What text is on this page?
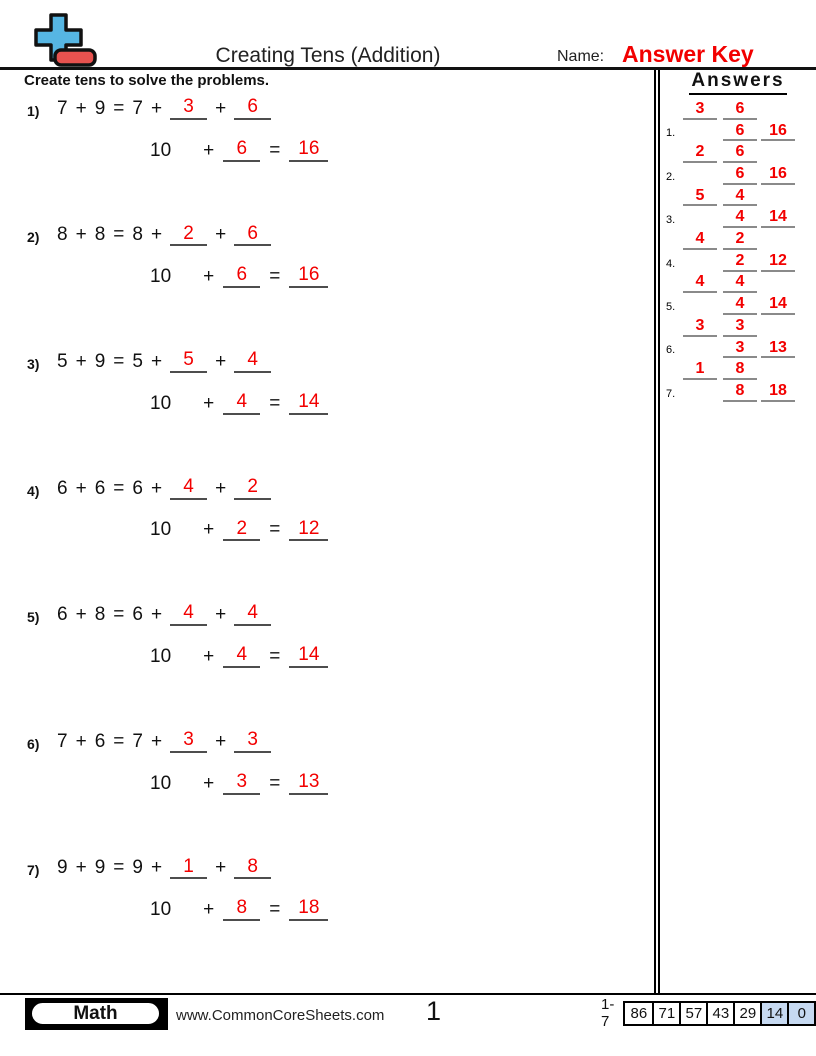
Creating Tens (Addition)	Name: Answer Key
Create tens to solve the problems.
1) 7 + 9 = 7 +	3	+	6
10 +	6	= 16
2) 8 + 8 = 8 +	2	+	6
10 +	6	= 16
3) 5 + 9 = 5 +	5	+	4
10 +	4	= 14
4) 6 + 6 = 6 +	4	+	2
10 +	2	= 12
5) 6 + 8 = 6 +	4	+	4
10 +	4	= 14
6) 7 + 6 = 7 +	3	+	3
10 +	3	= 13
7) 9 + 9 = 9 +	1	+	8
10 +	8	= 18
Answers
3	6
1.	6	16
2	6
2.	6	16
5	4
3.	4	14
4	2
4.	2	12
4	4
5.	4	14
3	3
6.	3	13
1	8
7.	8	18
Math	www.CommonCoreSheets.com 1	1-7	86 71 57 43 29 14 0
